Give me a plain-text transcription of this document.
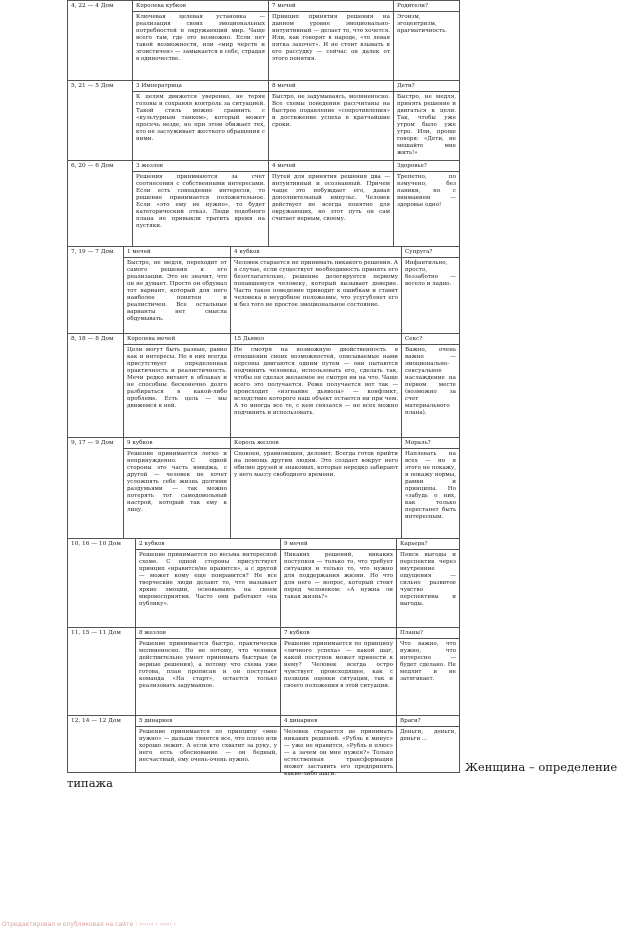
4, 22 — 4 Дом	Королева кубков
Ключевая целевая установка — реализация своих эмоциональных потребностей в окружающий мир. Чаще всего там, где это возможно. Если нет такой возможности, или «мир черств и эгоистичен» — замыкается в себе, страдая в одиночестве.
7 мечей
Принцип принятия решения на данном уровне эмоционально-интуитивный — делает то, что хочется. Или, как говорят в народе, «то левая пятка захочет». И не стоит взывать к его рассудку — сейчас он далек от этого понятия.
Родители?
Эгоизм, эгоцентризм, прагматичность.
5, 21 — 5 Дом	3 Императрица
К целям движется уверенно, не теряя головы и сохраняя контроль за ситуацией. Такой стиль можно сравнить с «культурным танком», который может просечь везде, но при этом обижает тех, кто не заслуживает жесткого обращения с ними.
8 мечей
Быстро, не задумываясь, молниеносно. Все схемы поведения рассчитаны на быстрое подавление «сопротивления» и достижение успеха в кратчайшие сроки.
Дети?
Быстро, не медля, принять решение и двигаться к цели. Так, чтобы уже утром было уже утро. Или, проще говоря: «Дети, не мешайте мне жить!»
6, 20 — 6 Дом	3 жезлов
Решения принимаются за счет соотнесения с собственными интересами. Если есть совпадение интересов, то решение принимается положительное. Если «это ему не нужно», то будет категорический отказ. Люди подобного плана не привыкли тратить время на пустяки.
4 мечей
Путей для принятия решения два — интуитивный и осознанный. Причем чаще это побуждает его, давая дополнительный импульс. Человек действует не всегда понятно для окружающих, но этот путь он сам считает верным, своему.
Здоровье?
Трепетно, по взмучено, без паники, но с вниманием — здоровье одно!
7, 19 — 7 Дом	1 мечей
Быстро, не медля, переходит от самого решения к его реализации. Это не значит, что он не думает. Просто он обдумал тот вариант, который для него наиболее понятен и реалистичен. Все остальные варианты нет смысла обдумывать.
4 кубков
Человек старается не принимать никакого решения. А в случае, если существует необходимость принять его безотлагательно, решение делегируется первому попавшемуся человеку, который вызывает доверие. Часто такое поведение приводит к ошибкам и ставит человека в неудобное положение, что усугубляет его и без того не простое эмоциональное состояние.
Супруга?
Инфантильно, просто, беззаботно — весело и ладно.
8, 18 — 8 Дом	Королева мечей
Цели могут быть разные, равно как и интересы. Но в них всегда присутствует определенная практичность и реалистичность. Мечи редко витают в облаках и не способны бесконечно долго разбираться в какой-либо проблеме. Есть цель — мы движемся к ней.
15 Дьявол
Не смотря на возможную двойственность в отношении своих возможностей, описываемые нами персоны двигаются одним путем — они пытаются подчинить человека, использовать его, сделать так, чтобы он сделал желаемое не смотря ни на что. Чаще всего это получается. Реже получается вот так — происходит «изгнание дьявола» — конфликт, вследствие которого наш объект остается ни при чем. А то иногда все те, с кем связался — не всех можно подчинить и использовать.
Секс?
Важно, очень важно — эмоционально-сексуальное наслаждение на первом месте (возможно за счет материального плана).
9, 17 — 9 Дом	9 кубков
Решение принимается легко и непринужденно. С одной стороны это часть имиджа, с другой — человек не хочет усложнять себе жизнь долгими раздумьями — так можно потерять тот самодовольный настрой, который так ему к лицу.
Король жезлов
Спокоен, уравновешен, деловит. Всегда готов прийти на помощь другим людям. Это создает вокруг него обилие друзей и знакомых, которые нередко забирают у него массу свободного времени.
Мораль?
Наплевать на всех — но я этого не покажу, я покажу нормы, рамки и принципы. Но «забудь о них, как только перестанет быть интересным.
10, 16 — 10 Дом	2 кубков
Решение принимается по весьма интересной схеме. С одной стороны присутствует принцип «нравится/не нравится», а с другой — может кому еще понравится? Не все творческие люди делают то, что вызывает яркие эмоции, основываясь на своем мировосприятии. Часто они работают «на публику».
9 мечей
Никаких решений, никаких поступков — только то, что требует ситуация и только то, что нужно для поддержания жизни. Но что для него — вопрос, который стоит перед человеком: «А нужна ли такая жизнь?»
Карьера?
Поиск выгоды и перспектив через внутренние ощущения — сильно развитое чувство перспективы и выгоды.
11, 15 — 11 Дом	8 жезлов
Решение принимается быстро, практически молниеносно. Но не потому, что человек действительно умеет принимать быстрые (и верные решения), а потому что схема уже готова, план прописан и он поступает команда «На старт», остается только реализовать задуманное.
7 кубков
Решение принимается по принципу «личного успеха» — какой шаг, какой поступок может принести к нему? Человек всегда остро чувствует происходящее, как с позиции оценки ситуации, так и своего положения в этой ситуации.
Планы?
Что важно, что нужно, что интересно — будет сделано. Не медлит и не затягивает.
12, 14 — 12 Дом	5 динариев
Решение принимается по принципу «мне нужно» — дальше тянется все, что плохо или хорошо лежит. А если кто схватит за руку, у него есть обоснование — он бедный, несчастный, ему очень-очень нужно.
4 динариев
Человек старается не принимать никаких решений. «Рубль в минус» — уже не нравится, «Рубль в плюс» — а зачем он мне нужен?» Только естественная трансформация может заставить его предпринять какие-либо шаги.
Враги?
Деньги, деньги, деньги ...
Женщина – определение
типажа
Отредактировал и опубликовал на сайте : ‹‹‹‹‹‹ ‹ ‹‹‹‹‹ ‹
